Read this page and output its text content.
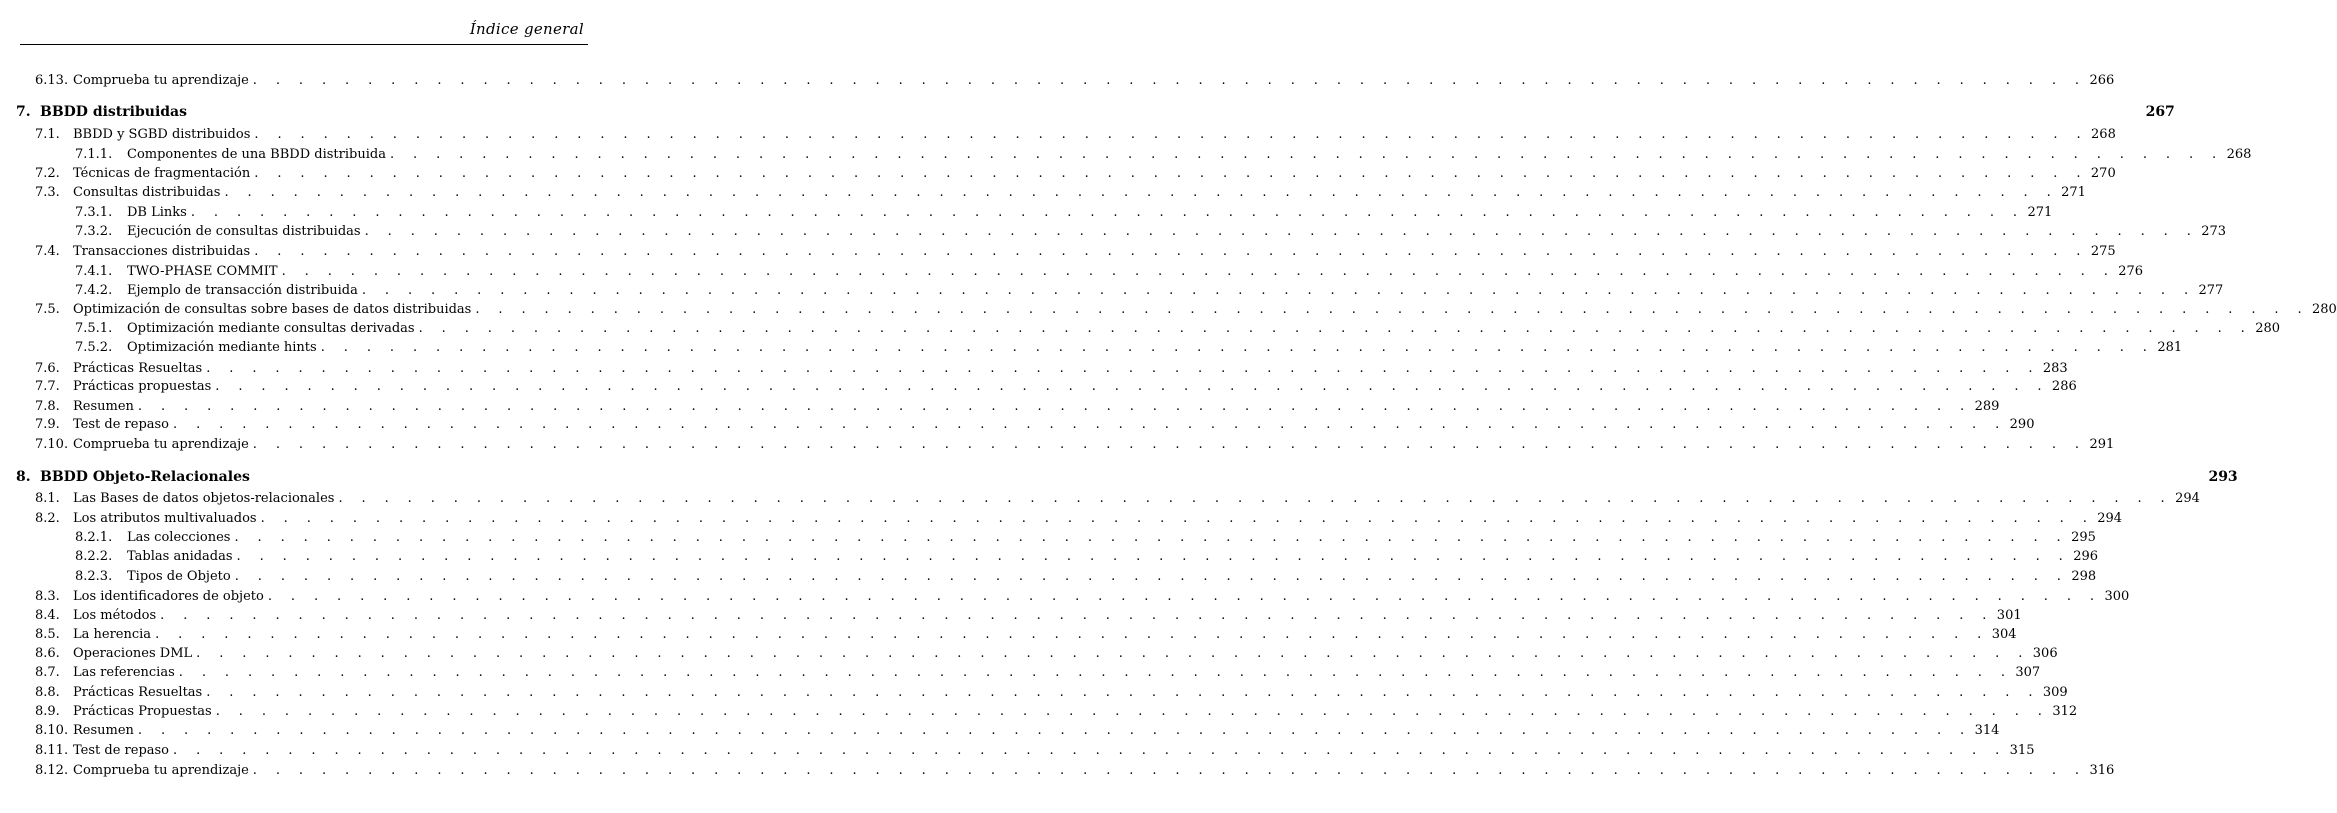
Índice general
6.13. Comprueba tu aprendizaje . . . . . . . . . . . . . . . . . . . . . . . . . . . . . . . . . . . . . . . . . . . . . . . . . . . . . . . . . . . . . . . . . . . . . . . . . . . . . . . . 266
7. BBDD distribuidas	267
7.1.	BBDD y SGBD distribuidos . . . . . . . . . . . . . . . . . . . . . . . . . . . . . . . . . . . . . . . . . . . . . . . . . . . . . . . . . . . . . . . . . . . . . . . . . . . . . . . . 268
7.1.1.	Componentes de una BBDD distribuida . . . . . . . . . . . . . . . . . . . . . . . . . . . . . . . . . . . . . . . . . . . . . . . . . . . . . . . . . . . . . . . . . . . . . . . . . . . . . . . . 268
7.2.	Técnicas de fragmentación . . . . . . . . . . . . . . . . . . . . . . . . . . . . . . . . . . . . . . . . . . . . . . . . . . . . . . . . . . . . . . . . . . . . . . . . . . . . . . . . 270
7.3.	Consultas distribuidas . . . . . . . . . . . . . . . . . . . . . . . . . . . . . . . . . . . . . . . . . . . . . . . . . . . . . . . . . . . . . . . . . . . . . . . . . . . . . . . . 271
7.3.1.	DB Links . . . . . . . . . . . . . . . . . . . . . . . . . . . . . . . . . . . . . . . . . . . . . . . . . . . . . . . . . . . . . . . . . . . . . . . . . . . . . . . . 271
7.3.2.	Ejecución de consultas distribuidas . . . . . . . . . . . . . . . . . . . . . . . . . . . . . . . . . . . . . . . . . . . . . . . . . . . . . . . . . . . . . . . . . . . . . . . . . . . . . . . . 273
7.4.	Transacciones distribuidas . . . . . . . . . . . . . . . . . . . . . . . . . . . . . . . . . . . . . . . . . . . . . . . . . . . . . . . . . . . . . . . . . . . . . . . . . . . . . . . . 275
7.4.1.	TWO-PHASE COMMIT . . . . . . . . . . . . . . . . . . . . . . . . . . . . . . . . . . . . . . . . . . . . . . . . . . . . . . . . . . . . . . . . . . . . . . . . . . . . . . . . 276
7.4.2.	Ejemplo de transacción distribuida . . . . . . . . . . . . . . . . . . . . . . . . . . . . . . . . . . . . . . . . . . . . . . . . . . . . . . . . . . . . . . . . . . . . . . . . . . . . . . . . 277
7.5.	Optimización de consultas sobre bases de datos distribuidas . . . . . . . . . . . . . . . . . . . . . . . . . . . . . . . . . . . . . . . . . . . . . . . . . . . . . . . . . . . . . . . . . . . . . . . . . . . . . . . . 280
7.5.1.	Optimización mediante consultas derivadas . . . . . . . . . . . . . . . . . . . . . . . . . . . . . . . . . . . . . . . . . . . . . . . . . . . . . . . . . . . . . . . . . . . . . . . . . . . . . . . . 280
7.5.2.	Optimización mediante hints . . . . . . . . . . . . . . . . . . . . . . . . . . . . . . . . . . . . . . . . . . . . . . . . . . . . . . . . . . . . . . . . . . . . . . . . . . . . . . . . 281
7.6.	Prácticas Resueltas . . . . . . . . . . . . . . . . . . . . . . . . . . . . . . . . . . . . . . . . . . . . . . . . . . . . . . . . . . . . . . . . . . . . . . . . . . . . . . . . 283
7.7.	Prácticas propuestas . . . . . . . . . . . . . . . . . . . . . . . . . . . . . . . . . . . . . . . . . . . . . . . . . . . . . . . . . . . . . . . . . . . . . . . . . . . . . . . . 286
7.8.	Resumen . . . . . . . . . . . . . . . . . . . . . . . . . . . . . . . . . . . . . . . . . . . . . . . . . . . . . . . . . . . . . . . . . . . . . . . . . . . . . . . . 289
7.9.	Test de repaso . . . . . . . . . . . . . . . . . . . . . . . . . . . . . . . . . . . . . . . . . . . . . . . . . . . . . . . . . . . . . . . . . . . . . . . . . . . . . . . . 290
7.10. Comprueba tu aprendizaje . . . . . . . . . . . . . . . . . . . . . . . . . . . . . . . . . . . . . . . . . . . . . . . . . . . . . . . . . . . . . . . . . . . . . . . . . . . . . . . . 291
8. BBDD Objeto-Relacionales	293
8.1.	Las Bases de datos objetos-relacionales . . . . . . . . . . . . . . . . . . . . . . . . . . . . . . . . . . . . . . . . . . . . . . . . . . . . . . . . . . . . . . . . . . . . . . . . . . . . . . . . 294
8.2.	Los atributos multivaluados . . . . . . . . . . . . . . . . . . . . . . . . . . . . . . . . . . . . . . . . . . . . . . . . . . . . . . . . . . . . . . . . . . . . . . . . . . . . . . . . 294
8.2.1.	Las colecciones . . . . . . . . . . . . . . . . . . . . . . . . . . . . . . . . . . . . . . . . . . . . . . . . . . . . . . . . . . . . . . . . . . . . . . . . . . . . . . . . 295
8.2.2.	Tablas anidadas . . . . . . . . . . . . . . . . . . . . . . . . . . . . . . . . . . . . . . . . . . . . . . . . . . . . . . . . . . . . . . . . . . . . . . . . . . . . . . . . 296
8.2.3.	Tipos de Objeto . . . . . . . . . . . . . . . . . . . . . . . . . . . . . . . . . . . . . . . . . . . . . . . . . . . . . . . . . . . . . . . . . . . . . . . . . . . . . . . . 298
8.3.	Los identificadores de objeto . . . . . . . . . . . . . . . . . . . . . . . . . . . . . . . . . . . . . . . . . . . . . . . . . . . . . . . . . . . . . . . . . . . . . . . . . . . . . . . . 300
8.4.	Los métodos . . . . . . . . . . . . . . . . . . . . . . . . . . . . . . . . . . . . . . . . . . . . . . . . . . . . . . . . . . . . . . . . . . . . . . . . . . . . . . . . 301
8.5.	La herencia . . . . . . . . . . . . . . . . . . . . . . . . . . . . . . . . . . . . . . . . . . . . . . . . . . . . . . . . . . . . . . . . . . . . . . . . . . . . . . . . 304
8.6.	Operaciones DML . . . . . . . . . . . . . . . . . . . . . . . . . . . . . . . . . . . . . . . . . . . . . . . . . . . . . . . . . . . . . . . . . . . . . . . . . . . . . . . . 306
8.7.	Las referencias . . . . . . . . . . . . . . . . . . . . . . . . . . . . . . . . . . . . . . . . . . . . . . . . . . . . . . . . . . . . . . . . . . . . . . . . . . . . . . . . 307
8.8.	Prácticas Resueltas . . . . . . . . . . . . . . . . . . . . . . . . . . . . . . . . . . . . . . . . . . . . . . . . . . . . . . . . . . . . . . . . . . . . . . . . . . . . . . . . 309
8.9.	Prácticas Propuestas . . . . . . . . . . . . . . . . . . . . . . . . . . . . . . . . . . . . . . . . . . . . . . . . . . . . . . . . . . . . . . . . . . . . . . . . . . . . . . . . 312
8.10. Resumen . . . . . . . . . . . . . . . . . . . . . . . . . . . . . . . . . . . . . . . . . . . . . . . . . . . . . . . . . . . . . . . . . . . . . . . . . . . . . . . . 314
8.11. Test de repaso . . . . . . . . . . . . . . . . . . . . . . . . . . . . . . . . . . . . . . . . . . . . . . . . . . . . . . . . . . . . . . . . . . . . . . . . . . . . . . . . 315
8.12. Comprueba tu aprendizaje . . . . . . . . . . . . . . . . . . . . . . . . . . . . . . . . . . . . . . . . . . . . . . . . . . . . . . . . . . . . . . . . . . . . . . . . . . . . . . . . 316
